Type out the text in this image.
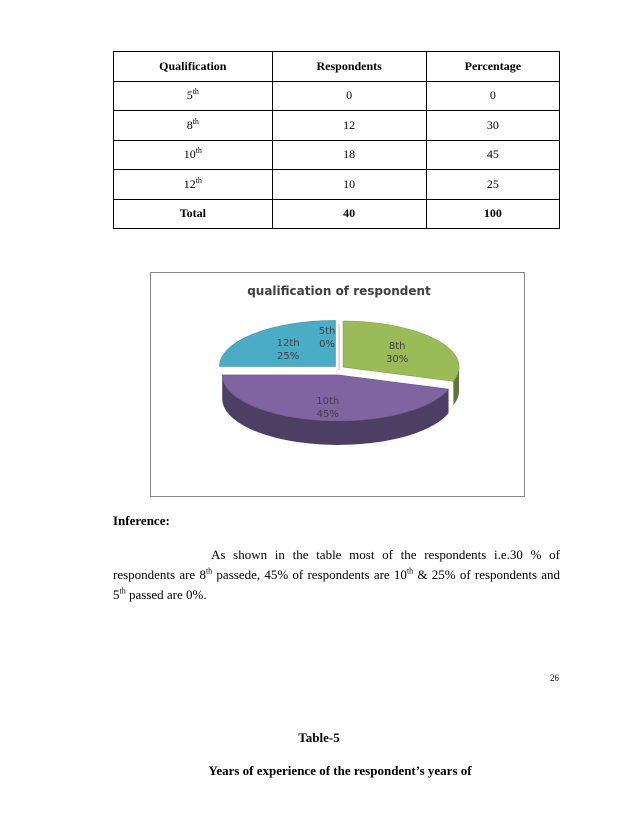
Qualification	Respondents	Percentage
5th	0	0
8th	12	30
10th	18	45
12th	10	25
Total	40	100
qualification of respondent
5th
0%	8th
30%
10th
45%
12th
25%
Inference:
As shown in the table most of the respondents i.e.30 % of respondents are 8th passede, 45% of respondents are 10th & 25% of respondents and 5th passed are 0%.
26
Table-5
Years of experience of the respondent’s years of
